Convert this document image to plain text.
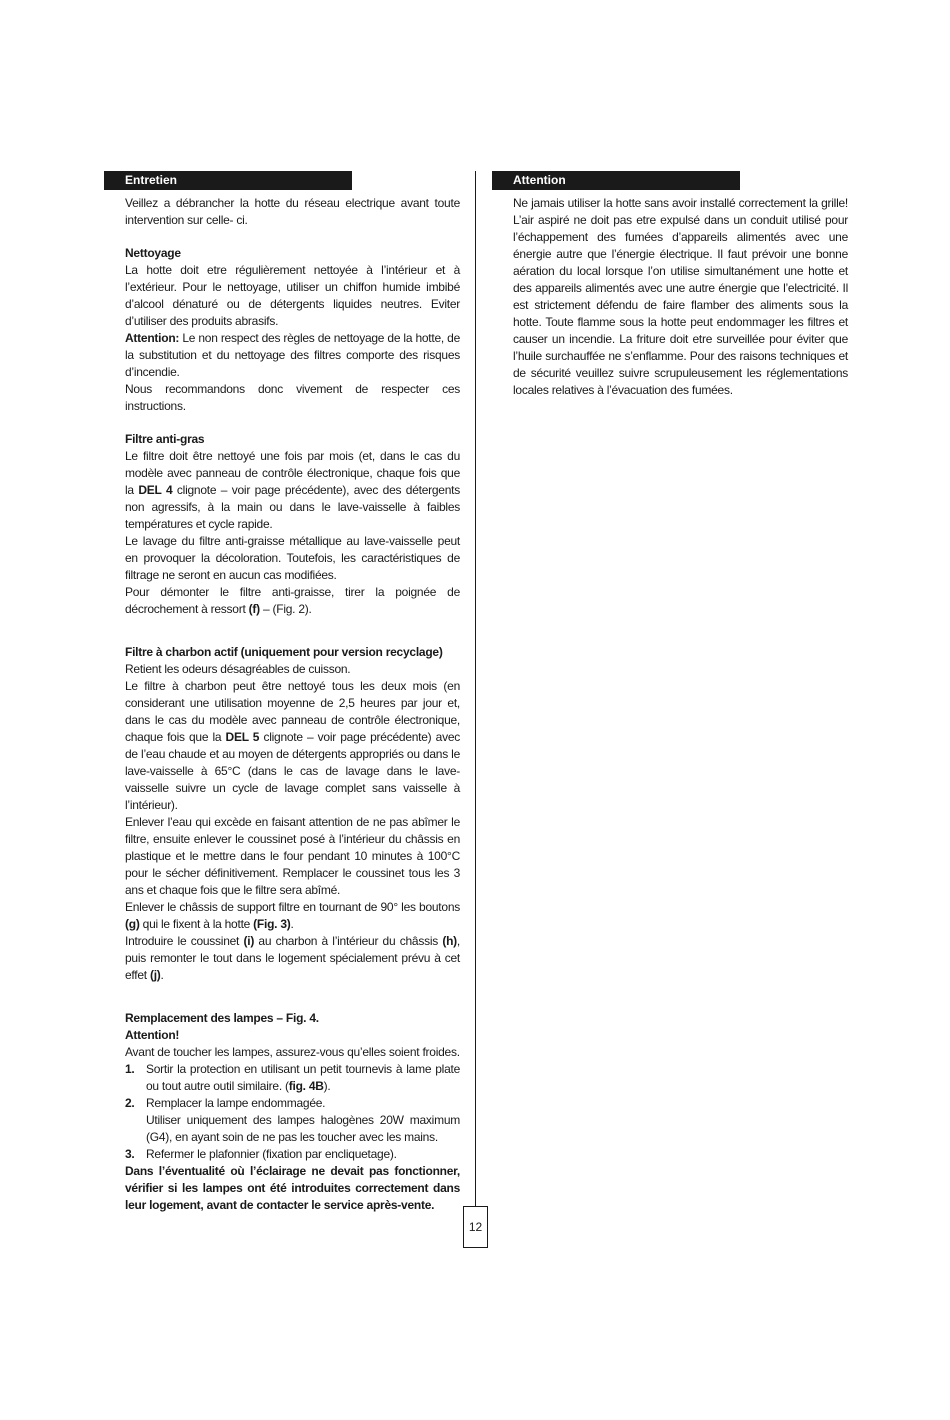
Entretien	Attention

Veillez a débrancher la hotte du réseau electrique avant toute intervention sur celle- ci.

Nettoyage

La hotte doit etre régulièrement nettoyée à l’intérieur et à l’extérieur. Pour le nettoyage, utiliser un chiffon humide imbibé d’alcool dénaturé ou de détergents liquides neutres. Eviter d’utiliser des produits abrasifs.

Attention: Le non respect des règles de nettoyage de la hotte, de la substitution et du nettoyage des filtres comporte des risques d’incendie.

Nous recommandons donc vivement de respecter ces instructions.

Filtre anti-gras

Le filtre doit être nettoyé une fois par mois (et, dans le cas du modèle avec panneau de contrôle électronique, chaque fois que la DEL 4 clignote – voir page précédente), avec des détergents non agressifs, à la main ou dans le lave-vaisselle à faibles températures et cycle rapide.

Le lavage du filtre anti-graisse métallique au lave-vaisselle peut en provoquer la décoloration. Toutefois, les caractéristiques de filtrage ne seront en aucun cas modifiées.

Pour démonter le filtre anti-graisse, tirer la poignée de décrochement à ressort (f) – (Fig. 2).

Filtre à charbon actif (uniquement pour version recyclage)

Retient les odeurs désagréables de cuisson.

Le filtre à charbon peut être nettoyé tous les deux mois (en considerant une utilisation moyenne de 2,5 heures par jour et, dans le cas du modèle avec panneau de contrôle électronique, chaque fois que la DEL 5 clignote – voir page précédente) avec de l’eau chaude et au moyen de détergents appropriés ou dans le lave-vaisselle à 65°C (dans le cas de lavage dans le lave-vaisselle suivre un cycle de lavage complet sans vaisselle à l’intérieur).

Enlever l’eau qui excède en faisant attention de ne pas abîmer le filtre, ensuite enlever le coussinet posé à l’intérieur du châssis en plastique et le mettre dans le four pendant 10 minutes à 100°C pour le sécher définitivement. Remplacer le coussinet tous les 3 ans et chaque fois que le filtre sera abîmé.

Enlever le châssis de support filtre en tournant de 90° les boutons (g) qui le fixent à la hotte (Fig. 3).

Introduire le coussinet (i) au charbon à l’intérieur du châssis (h), puis remonter le tout dans le logement spécialement prévu à cet effet (j).

Remplacement des lampes – Fig. 4.

Attention!

Avant de toucher les lampes, assurez-vous qu’elles soient froides.

1. Sortir la protection en utilisant un petit tournevis à lame plate ou tout autre outil similaire. (fig. 4B).
2. Remplacer la lampe endommagée.

Utiliser uniquement des lampes halogènes 20W maximum (G4), en ayant soin de ne pas les toucher avec les mains.

3. Refermer le plafonnier (fixation par encliquetage).

Dans l’éventualité où l’éclairage ne devait pas fonctionner, vérifier si les lampes ont été introduites correctement dans leur logement, avant de contacter le service après-vente.

Ne jamais utiliser la hotte sans avoir installé correctement la grille! L’air aspiré ne doit pas etre expulsé dans un conduit utilisé pour l’échappement des fumées d’appareils alimentés avec une énergie autre que l’énergie électrique. Il faut prévoir une bonne aération du local lorsque l’on utilise simultanément une hotte et des appareils alimentés avec une autre énergie que l’electricité. Il est strictement défendu de faire flamber des aliments sous la hotte. Toute flamme sous la hotte peut endommager les filtres et causer un incendie. La friture doit etre surveillée pour éviter que l’huile surchauffée ne s’enflamme. Pour des raisons techniques et de sécurité veuillez suivre scrupuleusement les réglementations locales relatives à l’évacuation des fumées.

12
